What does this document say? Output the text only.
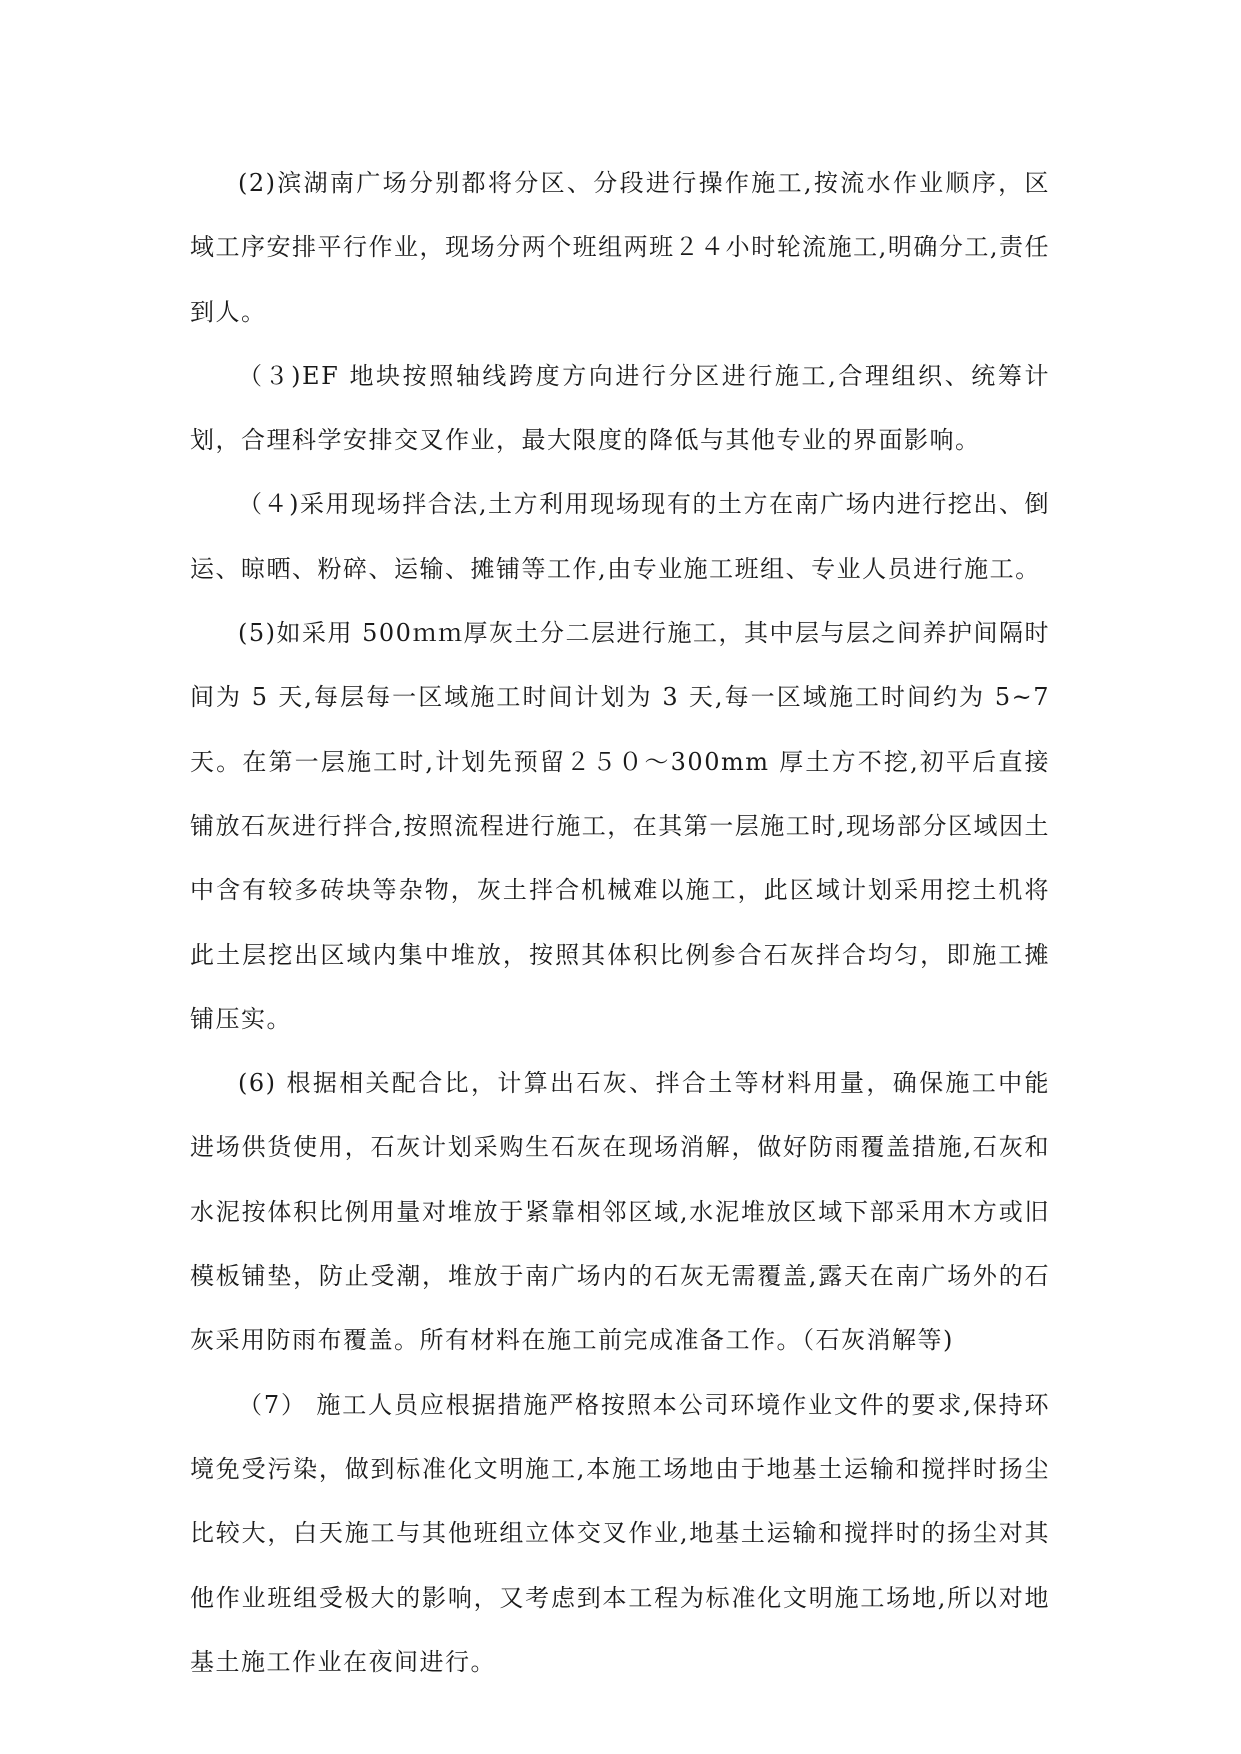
(2)滨湖南广场分别都将分区、分段进行操作施工,按流水作业顺序，区域工序安排平行作业，现场分两个班组两班２４小时轮流施工,明确分工,责任到人。

（３)EF 地块按照轴线跨度方向进行分区进行施工,合理组织、统筹计划，合理科学安排交叉作业，最大限度的降低与其他专业的界面影响。

（４)采用现场拌合法,土方利用现场现有的土方在南广场内进行挖出、倒运、晾晒、粉碎、运输、摊铺等工作,由专业施工班组、专业人员进行施工。

(5)如采用 500ｍｍ厚灰土分二层进行施工，其中层与层之间养护间隔时间为 5 天,每层每一区域施工时间计划为 3 天,每一区域施工时间约为 5~7 天。在第一层施工时,计划先预留２５０～300mm 厚土方不挖,初平后直接铺放石灰进行拌合,按照流程进行施工，在其第一层施工时,现场部分区域因土中含有较多砖块等杂物，灰土拌合机械难以施工，此区域计划采用挖土机将此土层挖出区域内集中堆放，按照其体积比例参合石灰拌合均匀，即施工摊铺压实。

(6) 根据相关配合比，计算出石灰、拌合土等材料用量，确保施工中能进场供货使用，石灰计划采购生石灰在现场消解，做好防雨覆盖措施,石灰和水泥按体积比例用量对堆放于紧靠相邻区域,水泥堆放区域下部采用木方或旧模板铺垫，防止受潮，堆放于南广场内的石灰无需覆盖,露天在南广场外的石灰采用防雨布覆盖。所有材料在施工前完成准备工作。（石灰消解等)

（7） 施工人员应根据措施严格按照本公司环境作业文件的要求,保持环境免受污染，做到标准化文明施工,本施工场地由于地基土运输和搅拌时扬尘比较大，白天施工与其他班组立体交叉作业,地基土运输和搅拌时的扬尘对其他作业班组受极大的影响，又考虑到本工程为标准化文明施工场地,所以对地基土施工作业在夜间进行。
